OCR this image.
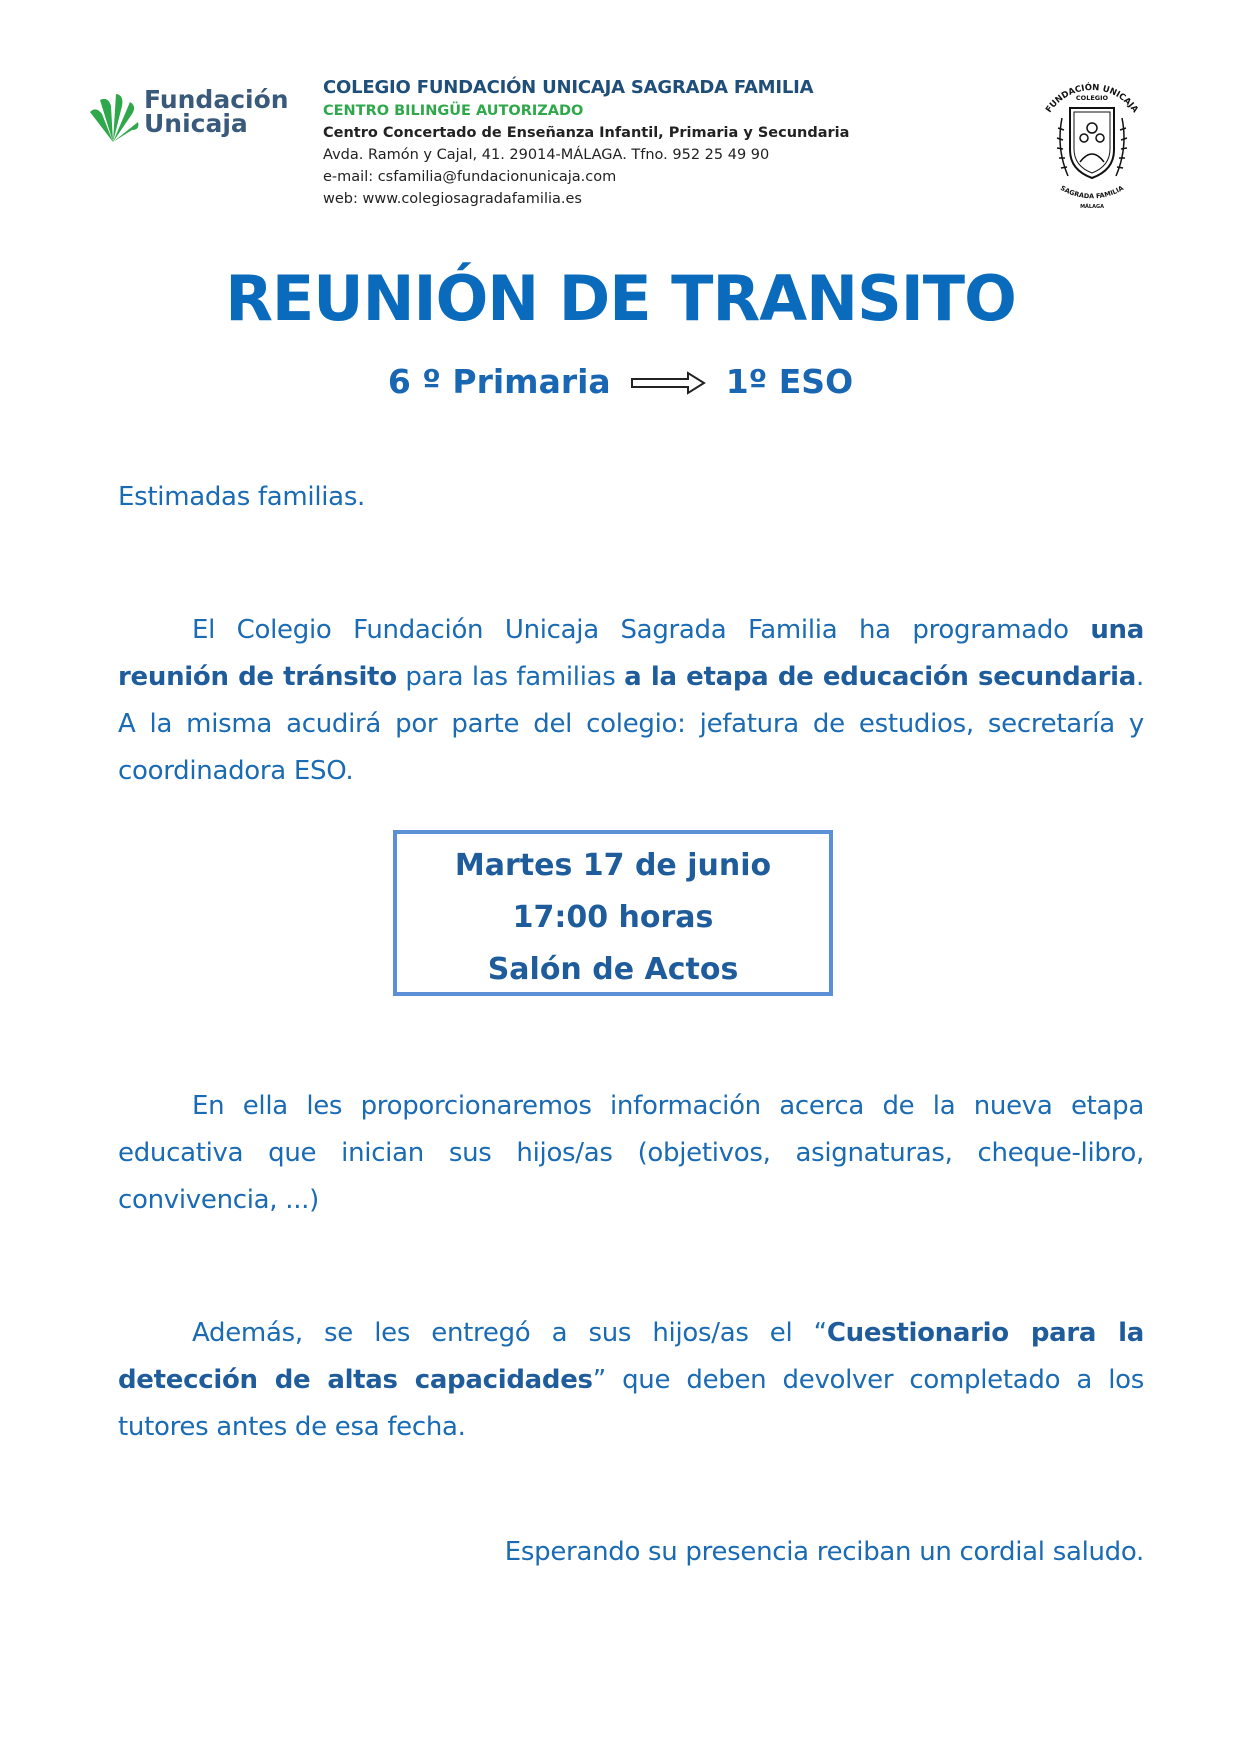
Fundación
Unicaja
COLEGIO FUNDACIÓN UNICAJA SAGRADA FAMILIA
CENTRO BILINGÜE AUTORIZADO
Centro Concertado de Enseñanza Infantil, Primaria y Secundaria
Avda. Ramón y Cajal, 41. 29014-MÁLAGA. Tfno. 952 25 49 90
e-mail: csfamilia@fundacionunicaja.com
web: www.colegiosagradafamilia.es
FUNDACIÓN UNICAJA
COLEGIO
SAGRADA FAMILIA
MÁLAGA
REUNIÓN DE TRANSITO
6 º Primaria	1º ESO
Estimadas familias.
El Colegio Fundación Unicaja Sagrada Familia ha programado una reunión de tránsito para las familias a la etapa de educación secundaria. A la misma acudirá por parte del colegio: jefatura de estudios, secretaría y coordinadora ESO.
Martes 17 de junio
17:00 horas
Salón de Actos
En ella les proporcionaremos información acerca de la nueva etapa educativa que inician sus hijos/as (objetivos, asignaturas, cheque-libro, convivencia, ...)
Además, se les entregó a sus hijos/as el “Cuestionario para la detección de altas capacidades” que deben devolver completado a los tutores antes de esa fecha.
Esperando su presencia reciban un cordial saludo.
